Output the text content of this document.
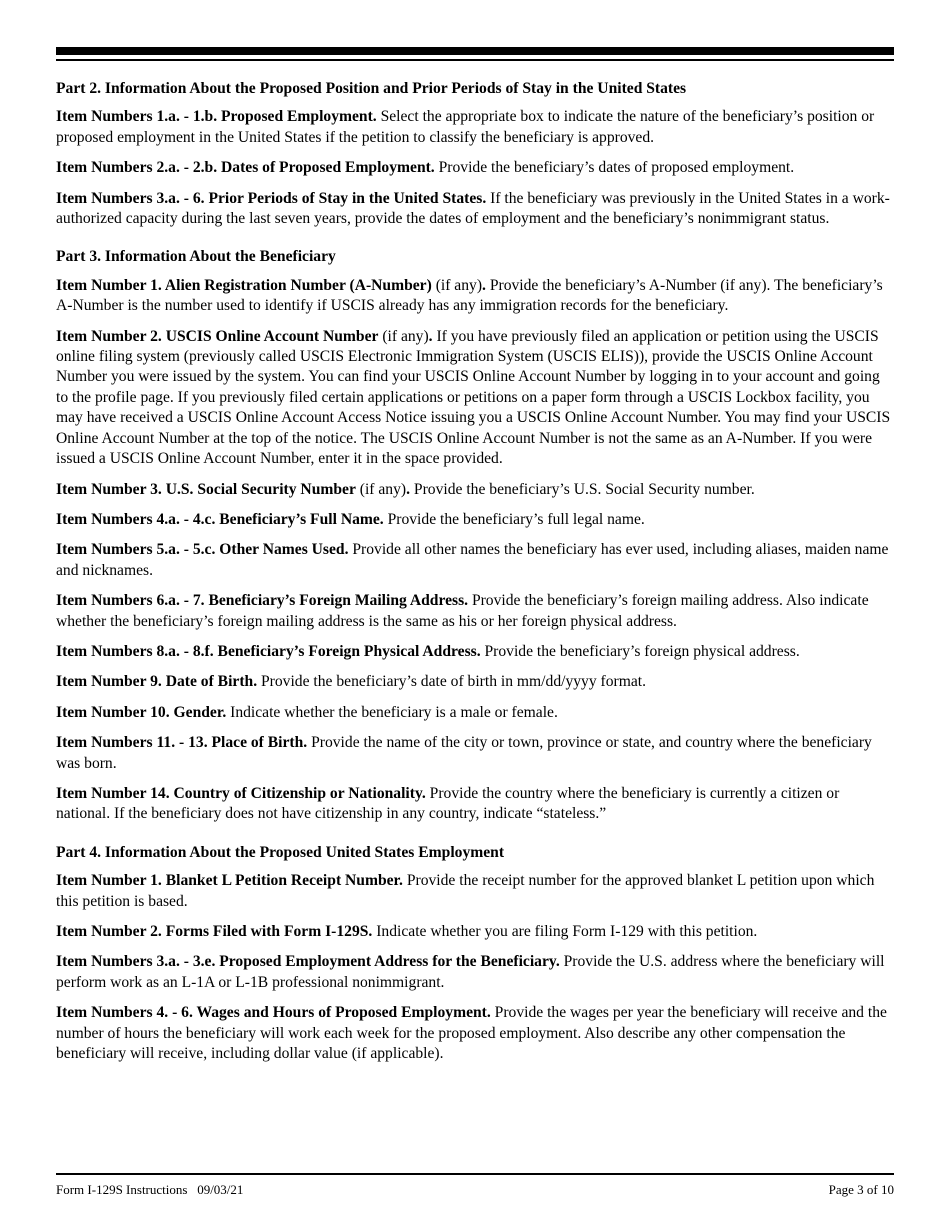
Part 2. Information About the Proposed Position and Prior Periods of Stay in the United States

Item Numbers 1.a. - 1.b. Proposed Employment. Select the appropriate box to indicate the nature of the beneficiary’s position or proposed employment in the United States if the petition to classify the beneficiary is approved.

Item Numbers 2.a. - 2.b. Dates of Proposed Employment. Provide the beneficiary’s dates of proposed employment.

Item Numbers 3.a. - 6. Prior Periods of Stay in the United States. If the beneficiary was previously in the United States in a work-authorized capacity during the last seven years, provide the dates of employment and the beneficiary’s nonimmigrant status.

Part 3. Information About the Beneficiary

Item Number 1. Alien Registration Number (A-Number) (if any). Provide the beneficiary’s A-Number (if any). The beneficiary’s A-Number is the number used to identify if USCIS already has any immigration records for the beneficiary.

Item Number 2. USCIS Online Account Number (if any). If you have previously filed an application or petition using the USCIS online filing system (previously called USCIS Electronic Immigration System (USCIS ELIS)), provide the USCIS Online Account Number you were issued by the system. You can find your USCIS Online Account Number by logging in to your account and going to the profile page. If you previously filed certain applications or petitions on a paper form through a USCIS Lockbox facility, you may have received a USCIS Online Account Access Notice issuing you a USCIS Online Account Number. You may find your USCIS Online Account Number at the top of the notice. The USCIS Online Account Number is not the same as an A-Number. If you were issued a USCIS Online Account Number, enter it in the space provided.

Item Number 3. U.S. Social Security Number (if any). Provide the beneficiary’s U.S. Social Security number.

Item Numbers 4.a. - 4.c. Beneficiary’s Full Name. Provide the beneficiary’s full legal name.

Item Numbers 5.a. - 5.c. Other Names Used. Provide all other names the beneficiary has ever used, including aliases, maiden name and nicknames.

Item Numbers 6.a. - 7. Beneficiary’s Foreign Mailing Address. Provide the beneficiary’s foreign mailing address. Also indicate whether the beneficiary’s foreign mailing address is the same as his or her foreign physical address.

Item Numbers 8.a. - 8.f. Beneficiary’s Foreign Physical Address. Provide the beneficiary’s foreign physical address.

Item Number 9. Date of Birth. Provide the beneficiary’s date of birth in mm/dd/yyyy format.

Item Number 10. Gender. Indicate whether the beneficiary is a male or female.

Item Numbers 11. - 13. Place of Birth. Provide the name of the city or town, province or state, and country where the beneficiary was born.

Item Number 14. Country of Citizenship or Nationality. Provide the country where the beneficiary is currently a citizen or national. If the beneficiary does not have citizenship in any country, indicate “stateless.”

Part 4. Information About the Proposed United States Employment

Item Number 1. Blanket L Petition Receipt Number. Provide the receipt number for the approved blanket L petition upon which this petition is based.

Item Number 2. Forms Filed with Form I-129S. Indicate whether you are filing Form I-129 with this petition.

Item Numbers 3.a. - 3.e. Proposed Employment Address for the Beneficiary. Provide the U.S. address where the beneficiary will perform work as an L-1A or L-1B professional nonimmigrant.

Item Numbers 4. - 6. Wages and Hours of Proposed Employment. Provide the wages per year the beneficiary will receive and the number of hours the beneficiary will work each week for the proposed employment. Also describe any other compensation the beneficiary will receive, including dollar value (if applicable).

Form I-129S Instructions   09/03/21	Page 3 of 10
